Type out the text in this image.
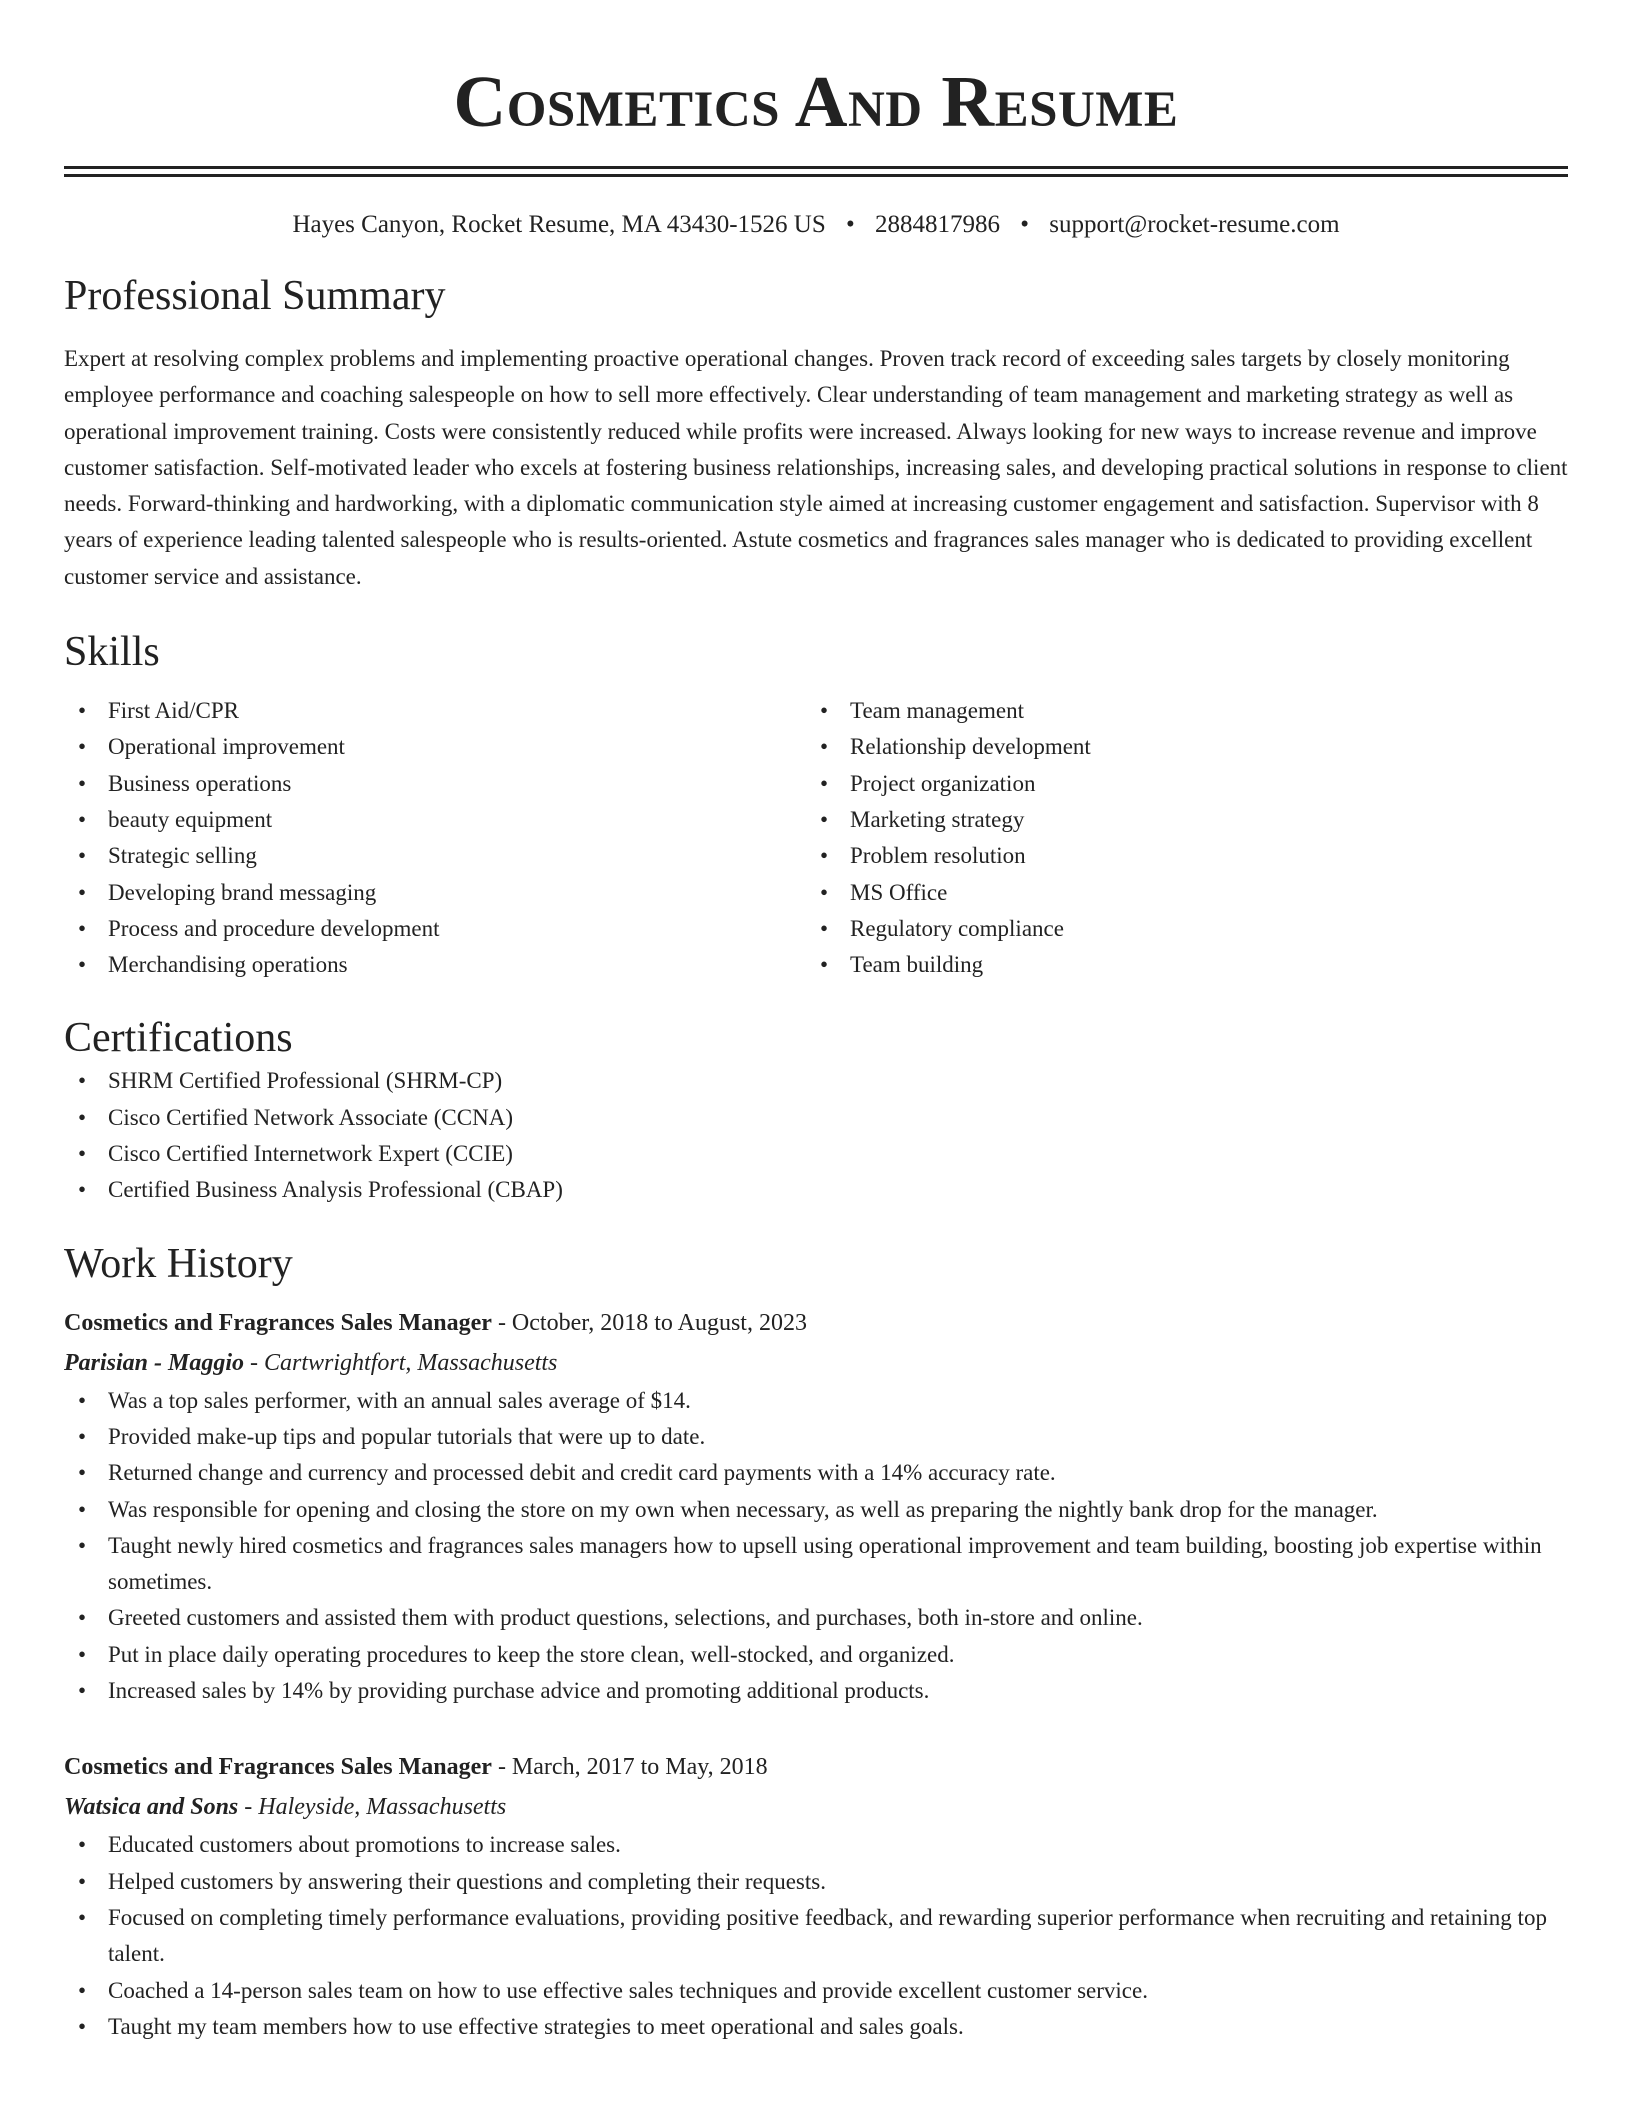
Cosmetics And Resume
Hayes Canyon, Rocket Resume, MA 43430-1526 US • 2884817986 • support@rocket-resume.com
Professional Summary

Expert at resolving complex problems and implementing proactive operational changes. Proven track record of exceeding sales targets by closely monitoring employee performance and coaching salespeople on how to sell more effectively. Clear understanding of team management and marketing strategy as well as operational improvement training. Costs were consistently reduced while profits were increased. Always looking for new ways to increase revenue and improve customer satisfaction. Self-motivated leader who excels at fostering business relationships, increasing sales, and developing practical solutions in response to client needs. Forward-thinking and hardworking, with a diplomatic communication style aimed at increasing customer engagement and satisfaction. Supervisor with 8 years of experience leading talented salespeople who is results-oriented. Astute cosmetics and fragrances sales manager who is dedicated to providing excellent customer service and assistance.

Skills
• First Aid/CPR
• Operational improvement
• Business operations
• beauty equipment
• Strategic selling
• Developing brand messaging
• Process and procedure development
• Merchandising operations
• Team management
• Relationship development
• Project organization
• Marketing strategy
• Problem resolution
• MS Office
• Regulatory compliance
• Team building
Certifications
• SHRM Certified Professional (SHRM-CP)
• Cisco Certified Network Associate (CCNA)
• Cisco Certified Internetwork Expert (CCIE)
• Certified Business Analysis Professional (CBAP)
Work History
Cosmetics and Fragrances Sales Manager - October, 2018 to August, 2023
Parisian - Maggio - Cartwrightfort, Massachusetts
• Was a top sales performer, with an annual sales average of $14.
• Provided make-up tips and popular tutorials that were up to date.
• Returned change and currency and processed debit and credit card payments with a 14% accuracy rate.
• Was responsible for opening and closing the store on my own when necessary, as well as preparing the nightly bank drop for the manager.
• Taught newly hired cosmetics and fragrances sales managers how to upsell using operational improvement and team building, boosting job expertise within sometimes.
• Greeted customers and assisted them with product questions, selections, and purchases, both in-store and online.
• Put in place daily operating procedures to keep the store clean, well-stocked, and organized.
• Increased sales by 14% by providing purchase advice and promoting additional products.
Cosmetics and Fragrances Sales Manager - March, 2017 to May, 2018
Watsica and Sons - Haleyside, Massachusetts
• Educated customers about promotions to increase sales.
• Helped customers by answering their questions and completing their requests.
• Focused on completing timely performance evaluations, providing positive feedback, and rewarding superior performance when recruiting and retaining top talent.
• Coached a 14-person sales team on how to use effective sales techniques and provide excellent customer service.
• Taught my team members how to use effective strategies to meet operational and sales goals.
